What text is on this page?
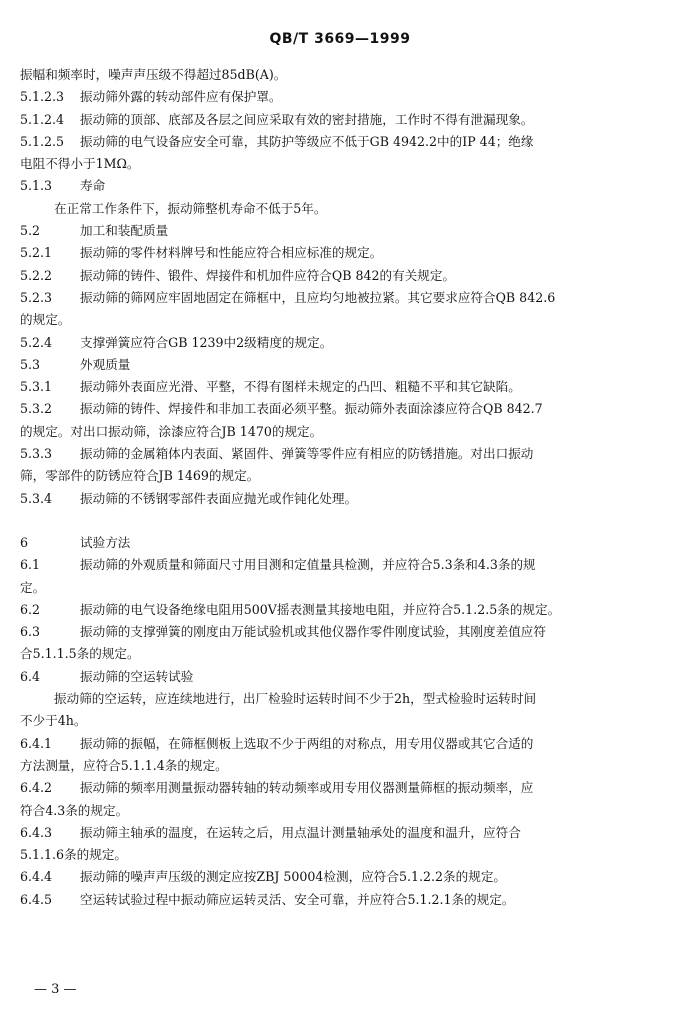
QB/T 3669—1999
振幅和频率时，噪声声压级不得超过85dB(A)。
5.1.2.3 振动筛外露的转动部件应有保护罩。
5.1.2.4 振动筛的顶部、底部及各层之间应采取有效的密封措施，工作时不得有泄漏现象。
5.1.2.5 振动筛的电气设备应安全可靠，其防护等级应不低于GB 4942.2中的IP 44；绝缘
电阻不得小于1MΩ。
5.1.3 寿命
在正常工作条件下，振动筛整机寿命不低于5年。
5.2	加工和装配质量
5.2.1 振动筛的零件材料牌号和性能应符合相应标准的规定。
5.2.2 振动筛的铸件、锻件、焊接件和机加件应符合QB 842的有关规定。
5.2.3 振动筛的筛网应牢固地固定在筛框中，且应均匀地被拉紧。其它要求应符合QB 842.6
的规定。
5.2.4 支撑弹簧应符合GB 1239中2级精度的规定。
5.3	外观质量
5.3.1 振动筛外表面应光滑、平整，不得有图样未规定的凸凹、粗糙不平和其它缺陷。
5.3.2 振动筛的铸件、焊接件和非加工表面必须平整。振动筛外表面涂漆应符合QB 842.7
的规定。对出口振动筛，涂漆应符合JB 1470的规定。
5.3.3 振动筛的金属箱体内表面、紧固件、弹簧等零件应有相应的防锈措施。对出口振动
筛，零部件的防锈应符合JB 1469的规定。
5.3.4 振动筛的不锈钢零部件表面应抛光或作钝化处理。
6	试验方法
6.1	振动筛的外观质量和筛面尺寸用目测和定值量具检测，并应符合5.3条和4.3条的规
定。
6.2	振动筛的电气设备绝缘电阻用500V摇表测量其接地电阻，并应符合5.1.2.5条的规定。
6.3	振动筛的支撑弹簧的刚度由万能试验机或其他仪器作零件刚度试验，其刚度差值应符
合5.1.1.5条的规定。
6.4	振动筛的空运转试验
振动筛的空运转，应连续地进行，出厂检验时运转时间不少于2h，型式检验时运转时间
不少于4h。
6.4.1 振动筛的振幅，在筛框侧板上选取不少于两组的对称点，用专用仪器或其它合适的
方法测量，应符合5.1.1.4条的规定。
6.4.2 振动筛的频率用测量振动器转轴的转动频率或用专用仪器测量筛框的振动频率，应
符合4.3条的规定。
6.4.3 振动筛主轴承的温度，在运转之后，用点温计测量轴承处的温度和温升，应符合
5.1.1.6条的规定。
6.4.4 振动筛的噪声声压级的测定应按ZBJ 50004检测，应符合5.1.2.2条的规定。
6.4.5 空运转试验过程中振动筛应运转灵活、安全可靠，并应符合5.1.2.1条的规定。
— 3 —
